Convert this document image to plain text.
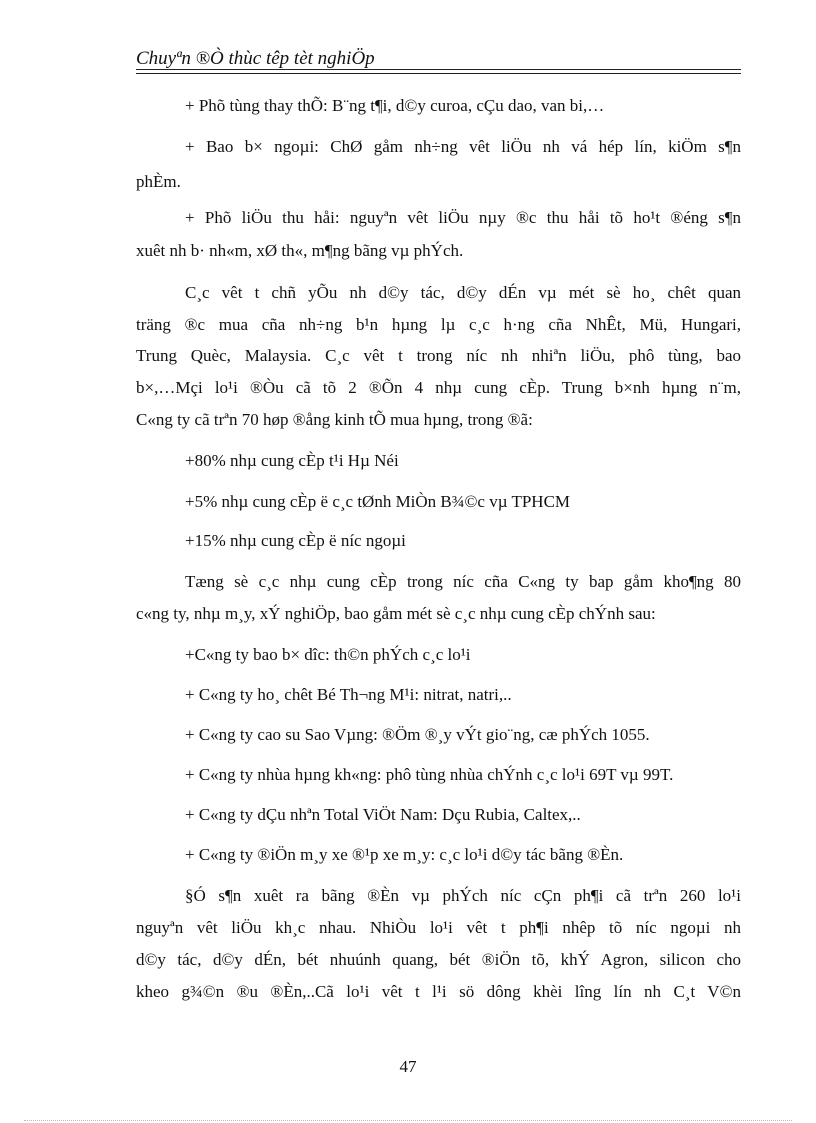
Chuyªn ®Ò thùc têp tèt nghiÖp
+ Phõ tùng thay thÕ: B¨ng t¶i, d©y curoa, cÇu dao, van bi,…
+ Bao b× ngoµi: ChØ gåm nh÷ng vêt liÖu nh vá hép lín, kiÖm s¶n
phÈm.
+ Phõ liÖu thu håi: nguyªn vêt liÖu nµy ®c thu håi tõ ho¹t ®éng s¶n
xuêt nh b· nh«m, xØ th«, m¶ng bãng vµ phÝch.
C¸c vêt t chñ yÕu nh d©y tác, d©y dÉn vµ mét sè ho¸ chêt quan
träng ®c mua cña nh÷ng b¹n hµng lµ c¸c h·ng cña NhÊt, Mü, Hungari,
Trung Quèc, Malaysia. C¸c vêt t trong níc nh nhiªn liÖu, phô tùng, bao
b×,…Mçi lo¹i ®Òu cã tõ 2 ®Õn 4 nhµ cung cÈp. Trung b×nh hµng n¨m,
C«ng ty cã trªn 70 høp ®ång kinh tÕ mua hµng, trong ®ã:
+80% nhµ cung cÈp t¹i Hµ Néi
+5% nhµ cung cÈp ë c¸c tØnh MiÒn B¾©c vµ TPHCM
+15% nhµ cung cÈp ë níc ngoµi
Tæng sè c¸c nhµ cung cÈp trong níc cña C«ng ty bap gåm kho¶ng 80
c«ng ty, nhµ m¸y, xÝ nghiÖp, bao gåm mét sè c¸c nhµ cung cÈp chÝnh sau:
+C«ng ty bao b× dîc: th©n phÝch c¸c lo¹i
+ C«ng ty ho¸ chêt Bé Th¬ng M¹i: nitrat, natri,..
+ C«ng ty cao su Sao Vµng: ®Öm ®¸y vÝt gio¨ng, cæ phÝch 1055.
+ C«ng ty nhùa hµng kh«ng: phô tùng nhùa chÝnh c¸c lo¹i 69T vµ 99T.
+ C«ng ty dÇu nhªn Total ViÖt Nam: Dçu Rubia, Caltex,..
+ C«ng ty ®iÖn m¸y xe ®¹p xe m¸y: c¸c lo¹i d©y tác bãng ®Èn.
§Ó s¶n xuêt ra bãng ®Èn vµ phÝch níc cÇn ph¶i cã trªn 260 lo¹i
nguyªn vêt liÖu kh¸c nhau. NhiÒu lo¹i vêt t ph¶i nhêp tõ níc ngoµi nh
d©y tác, d©y dÉn, bét nhuúnh quang, bét ®iÖn tõ, khÝ Agron, silicon cho
kheo g¾©n ®u ®Èn,..Cã lo¹i vêt t l¹i sö dông khèi lîng lín nh C¸t V©n
47
